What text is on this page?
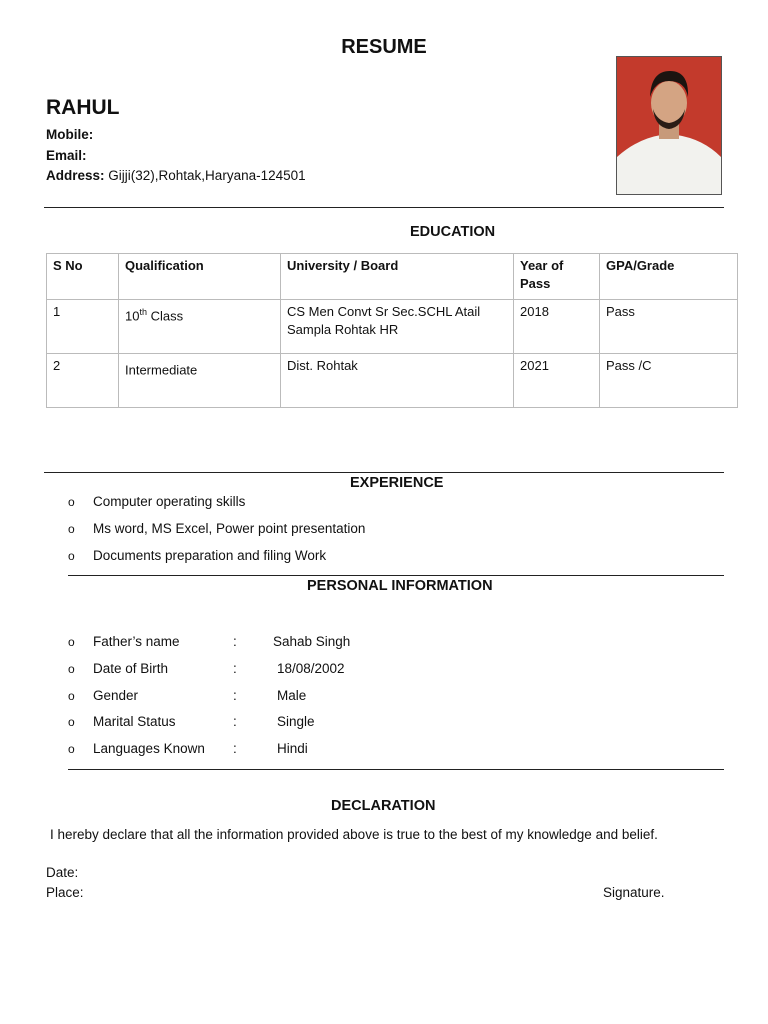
RESUME
RAHUL
Mobile:
Email:
Address: Gijji(32),Rohtak,Haryana-124501
EDUCATION
S No	Qualification	University / Board	Year of Pass	GPA/Grade
1	10th Class	CS Men Convt Sr Sec.SCHL Atail Sampla Rohtak HR	2018	Pass
2	Intermediate	Dist. Rohtak	2021	Pass /C
EXPERIENCE
o Computer operating skills
o Ms word, MS Excel, Power point presentation
o Documents preparation and filing Work
PERSONAL INFORMATION
o Father’s name	:	Sahab Singh
o Date of Birth	:	18/08/2002
o Gender	:	Male
o Marital Status	:	Single
o Languages Known :	Hindi
DECLARATION
I hereby declare that all the information provided above is true to the best of my knowledge and belief.
Date:
Place:	Signature.
